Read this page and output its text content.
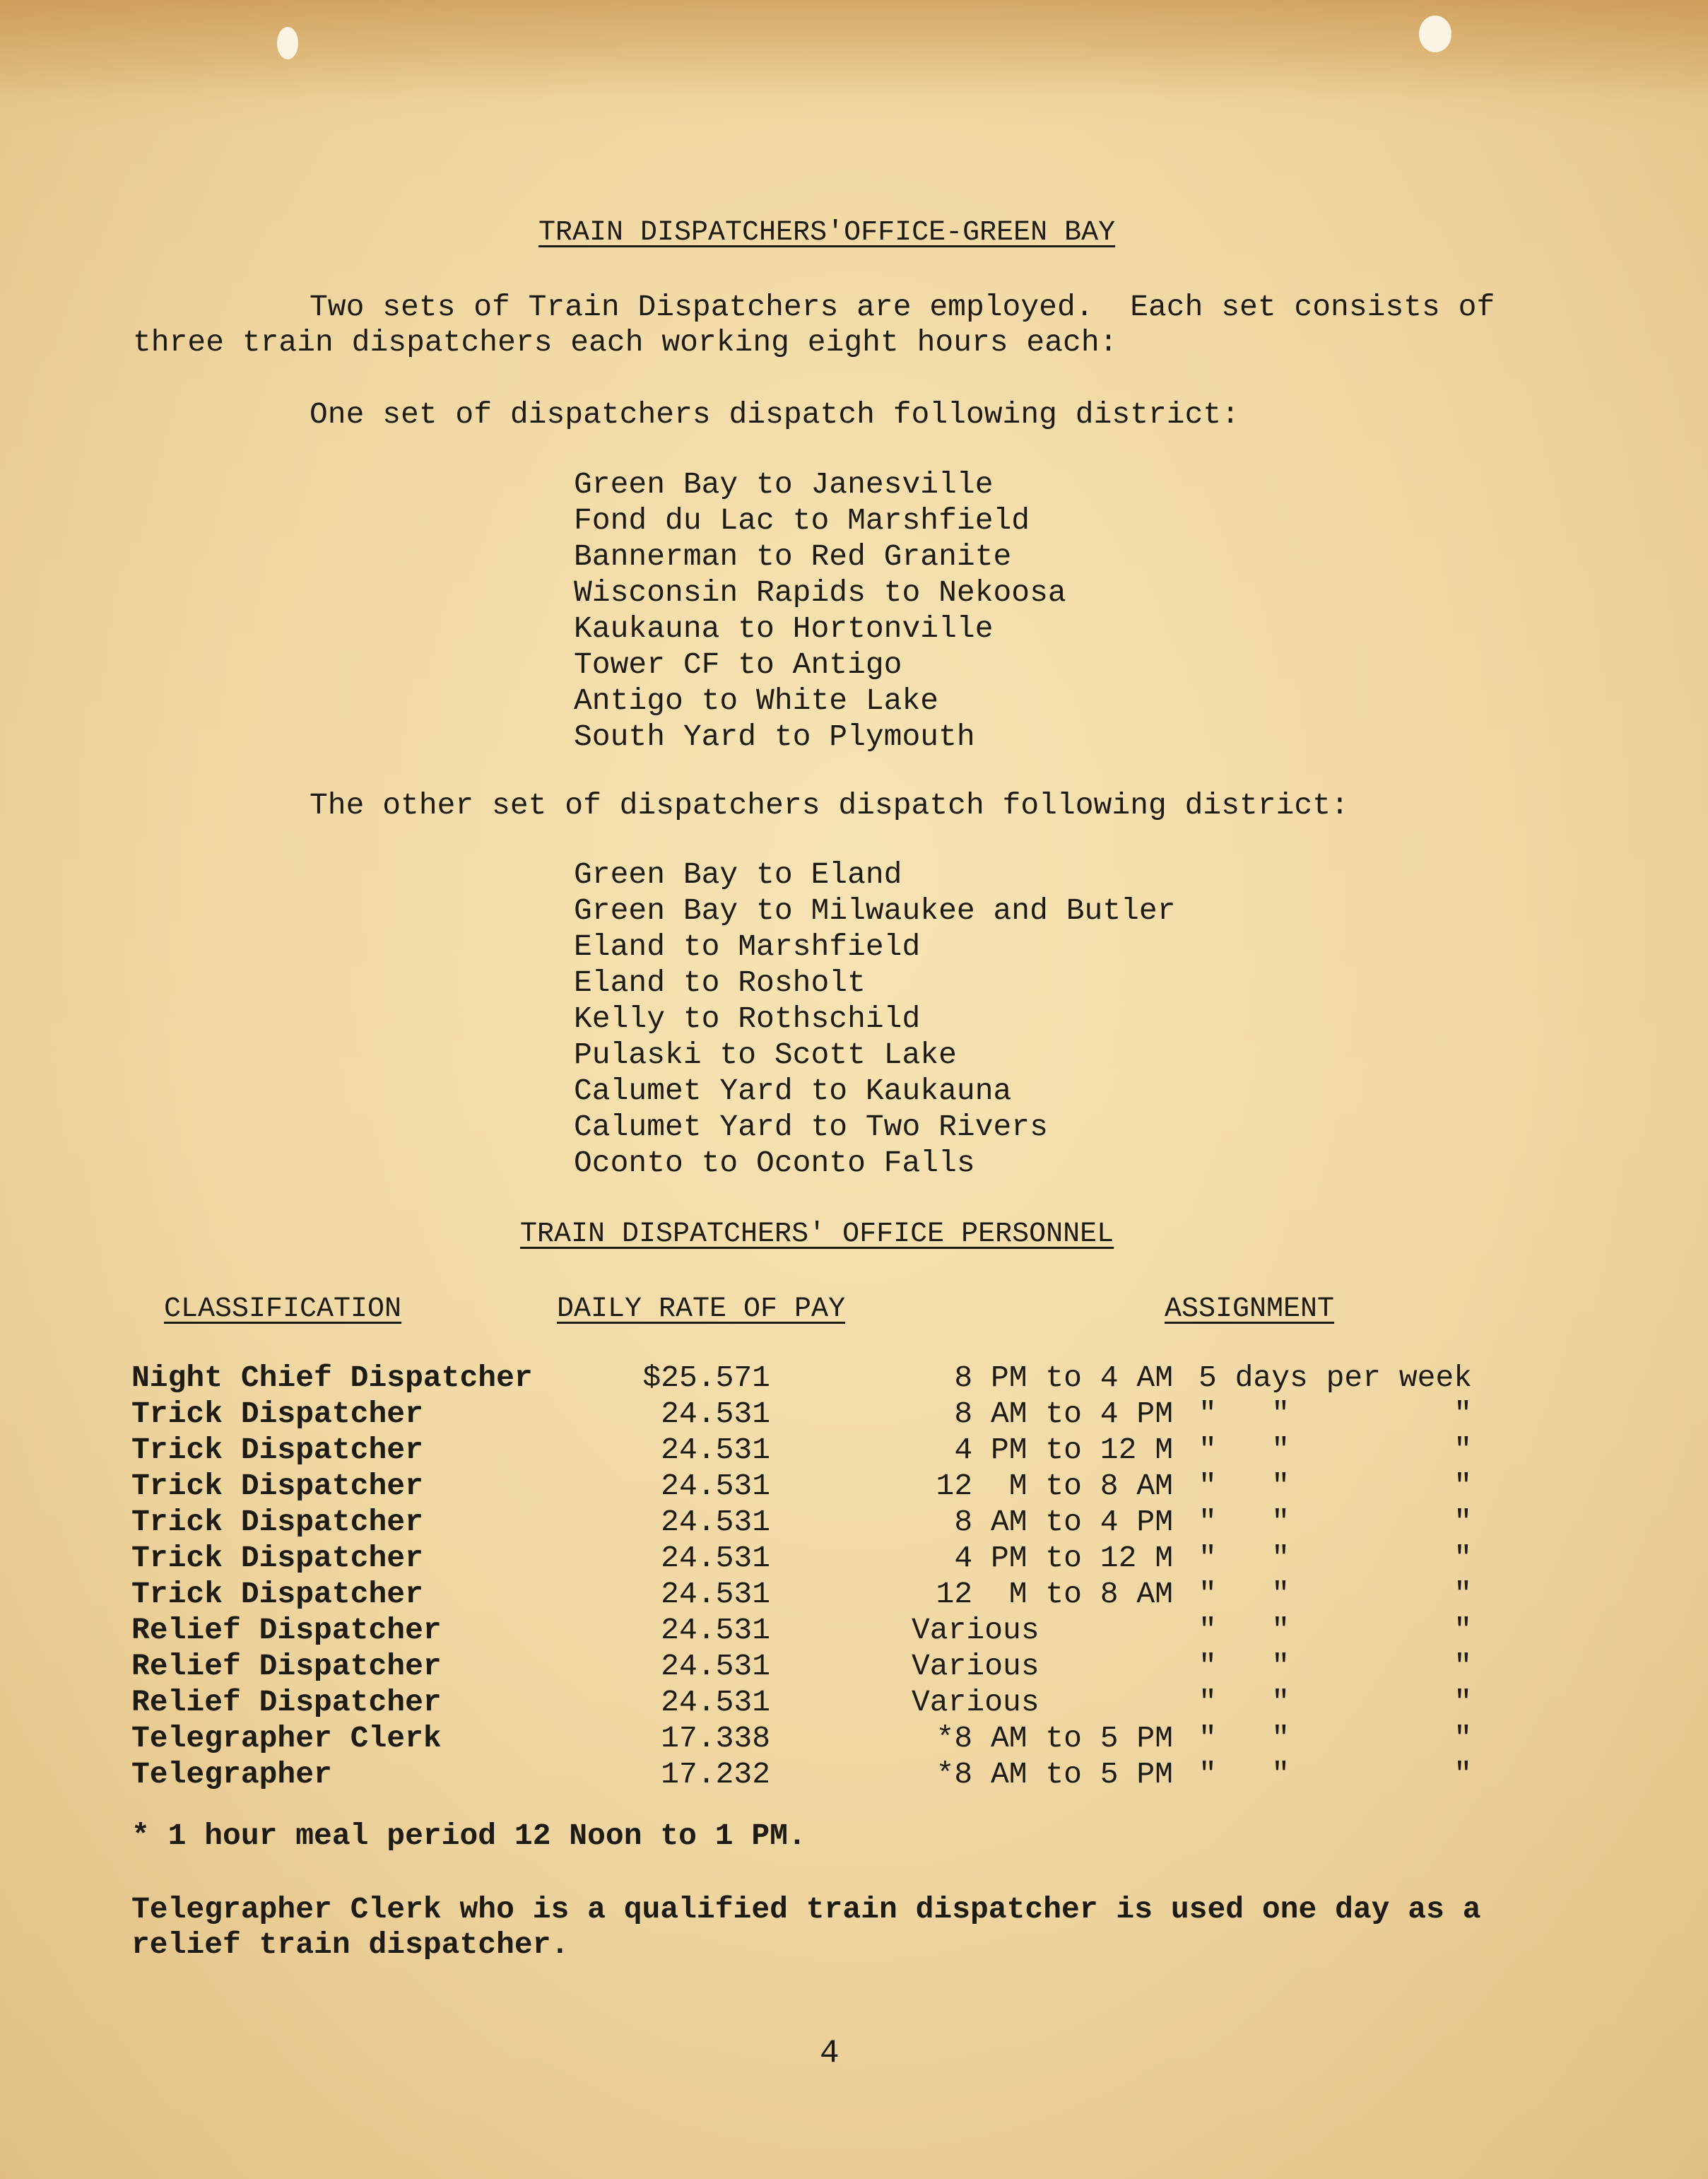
TRAIN DISPATCHERS'OFFICE-GREEN BAY
Two sets of Train Dispatchers are employed.  Each set consists of
three train dispatchers each working eight hours each:
One set of dispatchers dispatch following district:
Green Bay to Janesville
Fond du Lac to Marshfield
Bannerman to Red Granite
Wisconsin Rapids to Nekoosa
Kaukauna to Hortonville
Tower CF to Antigo
Antigo to White Lake
South Yard to Plymouth
The other set of dispatchers dispatch following district:
Green Bay to Eland
Green Bay to Milwaukee and Butler
Eland to Marshfield
Eland to Rosholt
Kelly to Rothschild
Pulaski to Scott Lake
Calumet Yard to Kaukauna
Calumet Yard to Two Rivers
Oconto to Oconto Falls
TRAIN DISPATCHERS' OFFICE PERSONNEL
CLASSIFICATION	DAILY RATE OF PAY	ASSIGNMENT
Night Chief Dispatcher
Trick Dispatcher
Trick Dispatcher
Trick Dispatcher
Trick Dispatcher
Trick Dispatcher
Trick Dispatcher
Relief Dispatcher
Relief Dispatcher
Relief Dispatcher
Telegrapher Clerk
Telegrapher
$25.571
24.531
24.531
24.531
24.531
24.531
24.531
24.531
24.531
24.531
17.338
17.232
8 PM to 4 AM
8 AM to 4 PM
4 PM to 12 M
12  M to 8 AM
8 AM to 4 PM
4 PM to 12 M
12  M to 8 AM
Various
Various
Various
*8 AM to 5 PM
*8 AM to 5 PM
5 days per week
"   "         "
"   "         "
"   "         "
"   "         "
"   "         "
"   "         "
"   "         "
"   "         "
"   "         "
"   "         "
"   "         "
* 1 hour meal period 12 Noon to 1 PM.
Telegrapher Clerk who is a qualified train dispatcher is used one day as a
relief train dispatcher.
4
